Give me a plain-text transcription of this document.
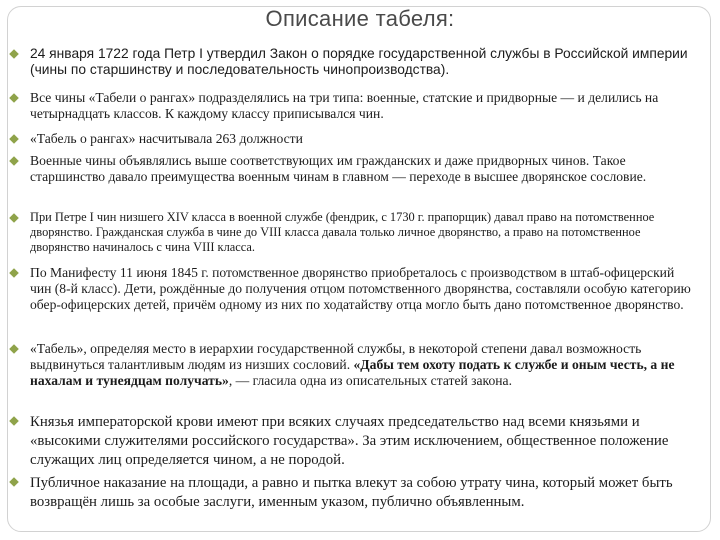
Описание табеля:
24 января 1722 года Петр I утвердил Закон о порядке государственной службы в Российской империи (чины по старшинству и последовательность чинопроизводства).
Все чины «Табели о рангах» подразделялись на три типа: военные, статские и придворные — и делились на четырнадцать классов. К каждому классу приписывался чин.
«Табель о рангах» насчитывала 263 должности
Военные чины объявлялись выше соответствующих им гражданских и даже придворных чинов. Такое старшинство давало преимущества военным чинам в главном — переходе в высшее дворянское сословие.
При Петре I чин низшего XIV класса в военной службе (фендрик, с 1730 г. прапорщик) давал право на потомственное дворянство. Гражданская служба в чине до VIII класса давала только личное дворянство, а право на потомственное дворянство начиналось с чина VIII класса.
По Манифесту 11 июня 1845 г. потомственное дворянство приобреталось с производством в штаб-офицерский чин (8-й класс). Дети, рождённые до получения отцом потомственного дворянства, составляли особую категорию обер-офицерских детей, причём одному из них по ходатайству отца могло быть дано потомственное дворянство.
«Табель», определяя место в иерархии государственной службы, в некоторой степени давал возможность выдвинуться талантливым людям из низших сословий. «Дабы тем охоту подать к службе и оным честь, а не нахалам и тунеядцам получать», — гласила одна из описательных статей закона.
Князья императорской крови имеют при всяких случаях председательство над всеми князьями и «высокими служителями российского государства». За этим исключением, общественное положение служащих лиц определяется чином, а не породой.
Публичное наказание на площади, а равно и пытка влекут за собою утрату чина, который может быть возвращён лишь за особые заслуги, именным указом, публично объявленным.
